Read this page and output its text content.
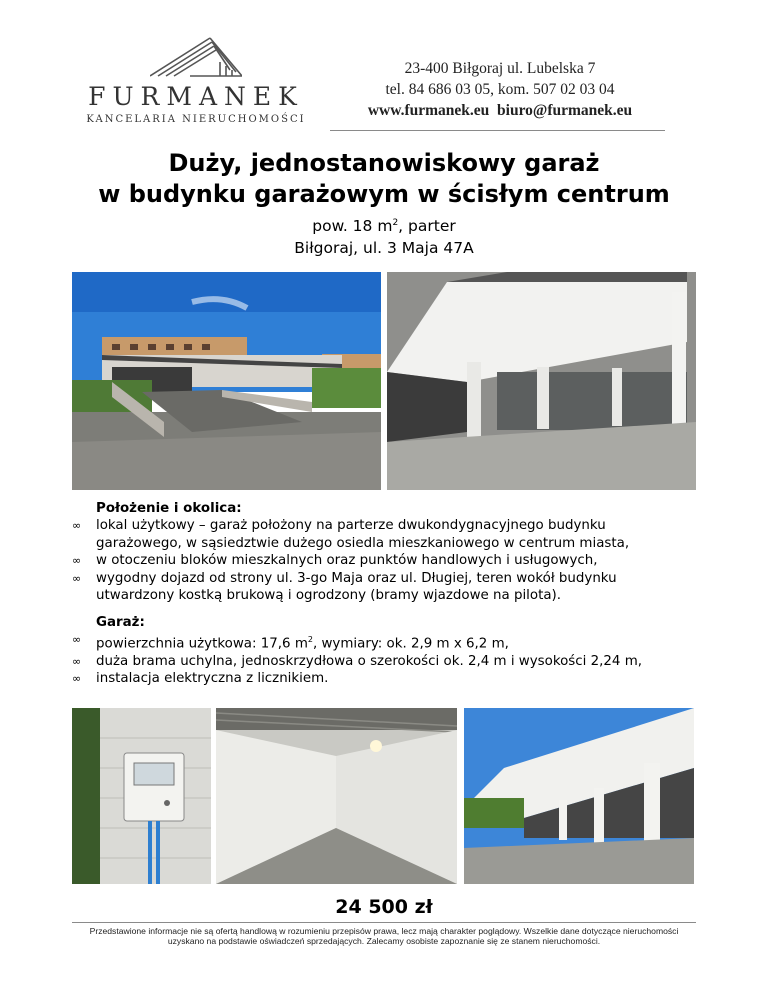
FURMANEK
KANCELARIA NIERUCHOMOŚCI
23-400 Biłgoraj ul. Lubelska 7
tel. 84 686 03 05, kom. 507 02 03 04
www.furmanek.eu biuro@furmanek.eu
Duży, jednostanowiskowy garaż
w budynku garażowym w ścisłym centrum
pow. 18 $m^2$, parter
Biłgoraj, ul. 3 Maja 47A
Położenie i okolica:
∞ lokal użytkowy – garaż położony na parterze dwukondygnacyjnego budynku
garażowego, w sąsiedztwie dużego osiedla mieszkaniowego w centrum miasta,
∞ w otoczeniu bloków mieszkalnych oraz punktów handlowych i usługowych,
∞ wygodny dojazd od strony ul. 3-go Maja oraz ul. Długiej, teren wokół budynku
utwardzony kostką brukową i ogrodzony (bramy wjazdowe na pilota).
Garaż:
∞ powierzchnia użytkowa: 17,6 $m^2$, wymiary: ok. 2,9 m x 6,2 m,
∞ duża brama uchylna, jednoskrzydłowa o szerokości ok. 2,4 m i wysokości 2,24 m,
∞ instalacja elektryczna z licznikiem.
24 500 zł
Przedstawione informacje nie są ofertą handlową w rozumieniu przepisów prawa, lecz mają charakter poglądowy. Wszelkie dane dotyczące nieruchomości
uzyskano na podstawie oświadczeń sprzedających. Zalecamy osobiste zapoznanie się ze stanem nieruchomości.
